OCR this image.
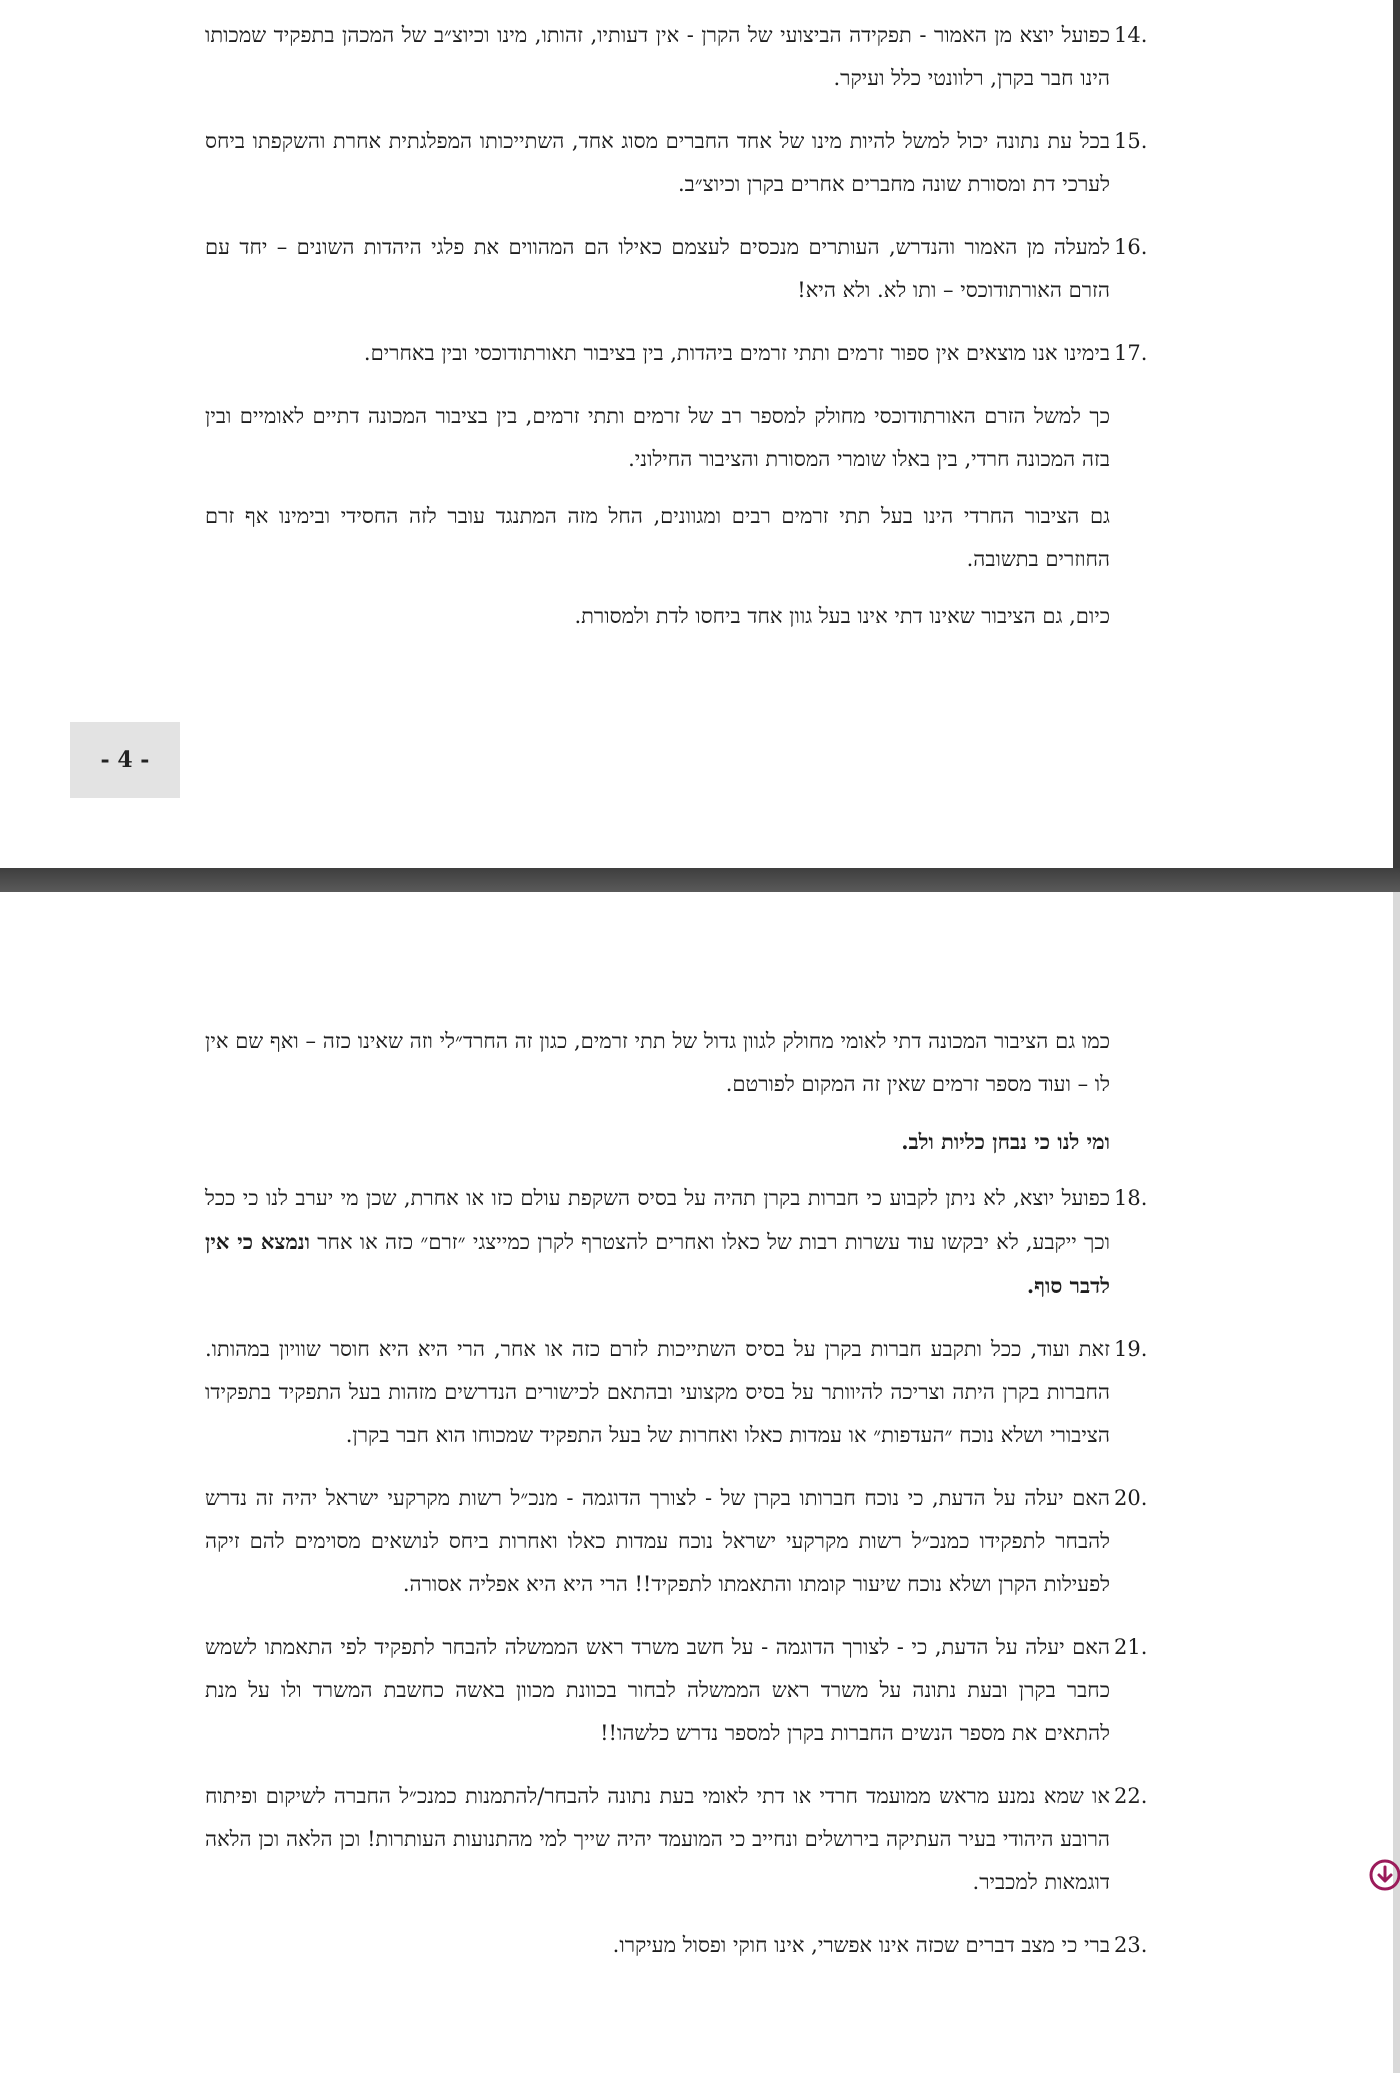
14.
כפועל יוצא מן האמור - תפקידה הביצועי של הקרן - אין דעותיו, זהותו, מינו וכיוצ״ב של המכהן בתפקיד שמכותו הינו חבר בקרן, רלוונטי כלל ועיקר.
15.
בכל עת נתונה יכול למשל להיות מינו של אחד החברים מסוג אחד, השתייכותו המפלגתית אחרת והשקפתו ביחס לערכי דת ומסורת שונה מחברים אחרים בקרן וכיוצ״ב.
16.
למעלה מן האמור והנדרש, העותרים מנכסים לעצמם כאילו הם המהווים את פלגי היהדות השונים – יחד עם הזרם האורתודוכסי – ותו לא. ולא היא!
17.
בימינו אנו מוצאים אין ספור זרמים ותתי זרמים ביהדות, בין בציבור תאורתודוכסי ובין באחרים.
כך למשל הזרם האורתודוכסי מחולק למספר רב של זרמים ותתי זרמים, בין בציבור המכונה דתיים לאומיים ובין בזה המכונה חרדי, בין באלו שומרי המסורת והציבור החילוני.
גם הציבור החרדי הינו בעל תתי זרמים רבים ומגוונים, החל מזה המתנגד עובר לזה החסידי ובימינו אף זרם החוזרים בתשובה.
כיום, גם הציבור שאינו דתי אינו בעל גוון אחד ביחסו לדת ולמסורת.
- 4 -
כמו גם הציבור המכונה דתי לאומי מחולק לגוון גדול של תתי זרמים, כגון זה החרד״לי וזה שאינו כזה – ואף שם אין לו – ועוד מספר זרמים שאין זה המקום לפורטם.
ומי לנו כי נבחן כליות ולב.
18.
כפועל יוצא, לא ניתן לקבוע כי חברות בקרן תהיה על בסיס השקפת עולם כזו או אחרת, שכן מי יערב לנו כי ככל וכך ייקבע, לא יבקשו עוד עשרות רבות של כאלו ואחרים להצטרף לקרן כמייצגי ״זרם״ כזה או אחר ונמצא כי אין לדבר סוף.
19.
זאת ועוד, ככל ותקבע חברות בקרן על בסיס השתייכות לזרם כזה או אחר, הרי היא היא חוסר שוויון במהותו. החברות בקרן היתה וצריכה להיוותר על בסיס מקצועי ובהתאם לכישורים הנדרשים מזהות בעל התפקיד בתפקידו הציבורי ושלא נוכח ״העדפות״ או עמדות כאלו ואחרות של בעל התפקיד שמכוחו הוא חבר בקרן.
20.
האם יעלה על הדעת, כי נוכח חברותו בקרן של - לצורך הדוגמה - מנכ״ל רשות מקרקעי ישראל יהיה זה נדרש להבחר לתפקידו כמנכ״ל רשות מקרקעי ישראל נוכח עמדות כאלו ואחרות ביחס לנושאים מסוימים להם זיקה לפעילות הקרן ושלא נוכח שיעור קומתו והתאמתו לתפקיד!! הרי היא היא אפליה אסורה.
21.
האם יעלה על הדעת, כי - לצורך הדוגמה - על חשב משרד ראש הממשלה להבחר לתפקיד לפי התאמתו לשמש כחבר בקרן ובעת נתונה על משרד ראש הממשלה לבחור בכוונת מכוון באשה כחשבת המשרד ולו על מנת להתאים את מספר הנשים החברות בקרן למספר נדרש כלשהו!!
22.
או שמא נמנע מראש ממועמד חרדי או דתי לאומי בעת נתונה להבחר/להתמנות כמנכ״ל החברה לשיקום ופיתוח הרובע היהודי בעיר העתיקה בירושלים ונחייב כי המועמד יהיה שייך למי מהתנועות העותרות! וכן הלאה וכן הלאה דוגמאות למכביר.
23.
ברי כי מצב דברים שכזה אינו אפשרי, אינו חוקי ופסול מעיקרו.
